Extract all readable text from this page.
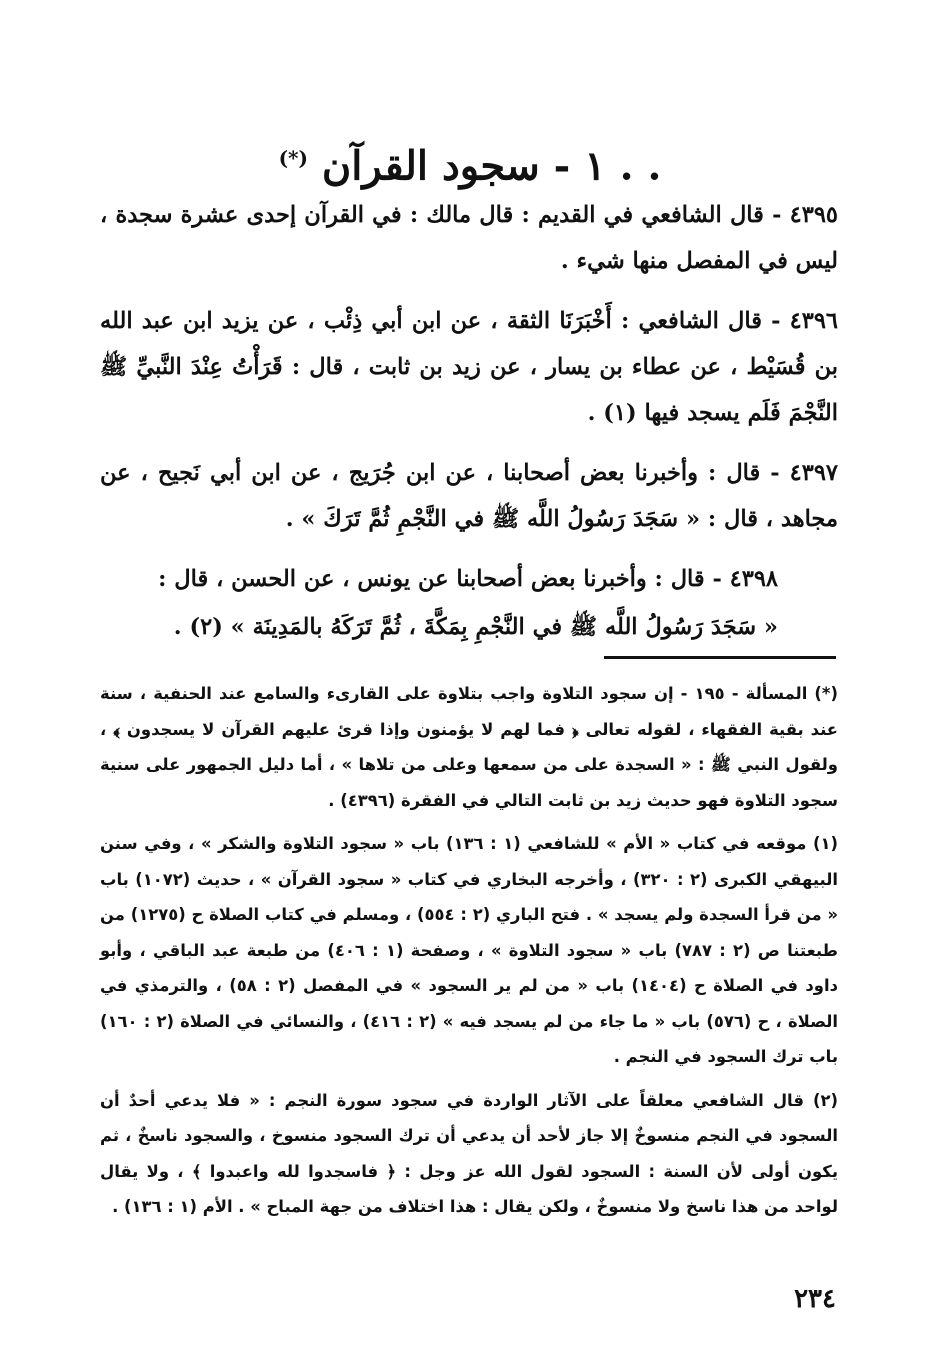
. . ١ - سجود القرآن (*)

٤٣٩٥ - قال الشافعي في القديم : قال مالك : في القرآن إحدى عشرة سجدة ، ليس في المفصل منها شيء .

٤٣٩٦ - قال الشافعي : أَخْبَرَنَا الثقة ، عن ابن أبي ذِئْب ، عن يزيد ابن عبد الله بن قُسَيْط ، عن عطاء بن يسار ، عن زيد بن ثابت ، قال : قَرَأْتُ عِنْدَ النَّبيِّ ﷺ النَّجْمَ فَلَم يسجد فيها (١) .

٤٣٩٧ - قال : وأخبرنا بعض أصحابنا ، عن ابن جُرَيج ، عن ابن أبي نَجيح ، عن مجاهد ، قال : « سَجَدَ رَسُولُ اللَّه ﷺ في النَّجْمِ ثُمَّ تَرَكَ » .

٤٣٩٨ - قال : وأخبرنا بعض أصحابنا عن يونس ، عن الحسن ، قال :

« سَجَدَ رَسُولُ اللَّه ﷺ في النَّجْمِ بِمَكَّةَ ، ثُمَّ تَرَكَهُ بالمَدِينَة » (٢) .

(*) المسألة - ١٩٥ - إن سجود التلاوة واجب بتلاوة على القارىء والسامع عند الحنفية ، سنة عند بقية الفقهاء ، لقوله تعالى ﴿ فما لهم لا يؤمنون وإذا قرئ عليهم القرآن لا يسجدون ﴾ ، ولقول النبي ﷺ : « السجدة على من سمعها وعلى من تلاها » ، أما دليل الجمهور على سنية سجود التلاوة فهو حديث زيد بن ثابت التالي في الفقرة (٤٣٩٦) .

(١) موقعه في كتاب « الأم » للشافعي (١ : ١٣٦) باب « سجود التلاوة والشكر » ، وفي سنن البيهقي الكبرى (٢ : ٣٢٠) ، وأخرجه البخاري في كتاب « سجود القرآن » ، حديث (١٠٧٢) باب « من قرأ السجدة ولم يسجد » . فتح الباري (٢ : ٥٥٤) ، ومسلم في كتاب الصلاة ح (١٢٧٥) من طبعتنا ص (٢ : ٧٨٧) باب « سجود التلاوة » ، وصفحة (١ : ٤٠٦) من طبعة عبد الباقي ، وأبو داود في الصلاة ح (١٤٠٤) باب « من لم ير السجود » في المفصل (٢ : ٥٨) ، والترمذي في الصلاة ، ح (٥٧٦) باب « ما جاء من لم يسجد فيه » (٢ : ٤١٦) ، والنسائي في الصلاة (٢ : ١٦٠) باب ترك السجود في النجم .

(٢) قال الشافعي معلقاً على الآثار الواردة في سجود سورة النجم : « فلا يدعي أحدٌ أن السجود في النجم منسوخٌ إلا جاز لأحد أن يدعي أن ترك السجود منسوخ ، والسجود ناسخٌ ، ثم يكون أولى لأن السنة : السجود لقول الله عز وجل : ﴿ فاسجدوا لله واعبدوا ﴾ ، ولا يقال لواحد من هذا ناسخ ولا منسوخٌ ، ولكن يقال : هذا اختلاف من جهة المباح » . الأم (١ : ١٣٦) .

٢٣٤
